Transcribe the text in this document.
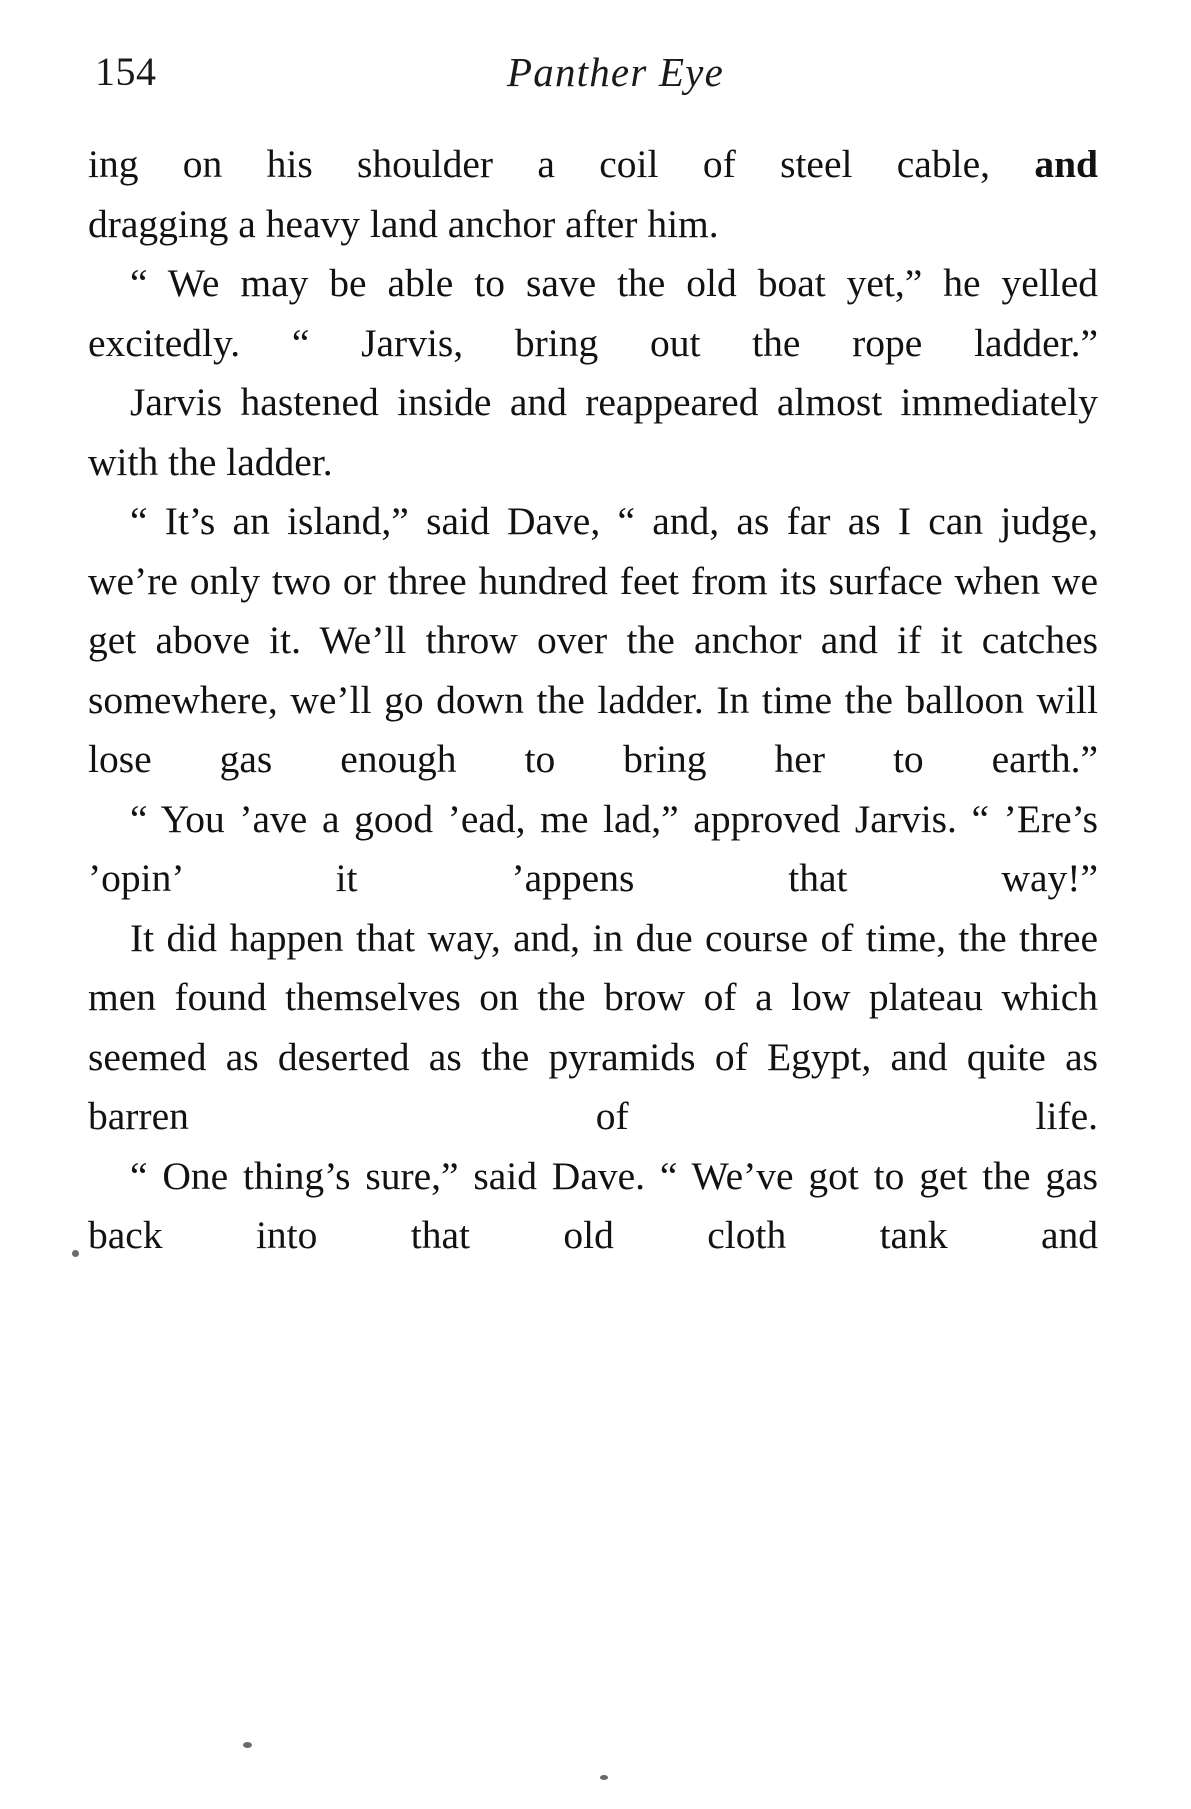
154	Panther Eye

ing on his shoulder a coil of steel cable, and

dragging a heavy land anchor after him.

“ We may be able to save the old boat yet,” he yelled excitedly. “ Jarvis, bring out the rope ladder.”

Jarvis hastened inside and reappeared almost immediately with the ladder.

“ It’s an island,” said Dave, “ and, as far as I can judge, we’re only two or three hundred feet from its surface when we get above it. We’ll throw over the anchor and if it catches somewhere, we’ll go down the ladder. In time the balloon will lose gas enough to bring her to earth.”

“ You ’ave a good ’ead, me lad,” approved Jarvis. “ ’Ere’s ’opin’ it ’appens that way!”

It did happen that way, and, in due course of time, the three men found themselves on the brow of a low plateau which seemed as deserted as the pyramids of Egypt, and quite as barren of life.

“ One thing’s sure,” said Dave. “ We’ve got to get the gas back into that old cloth tank and
